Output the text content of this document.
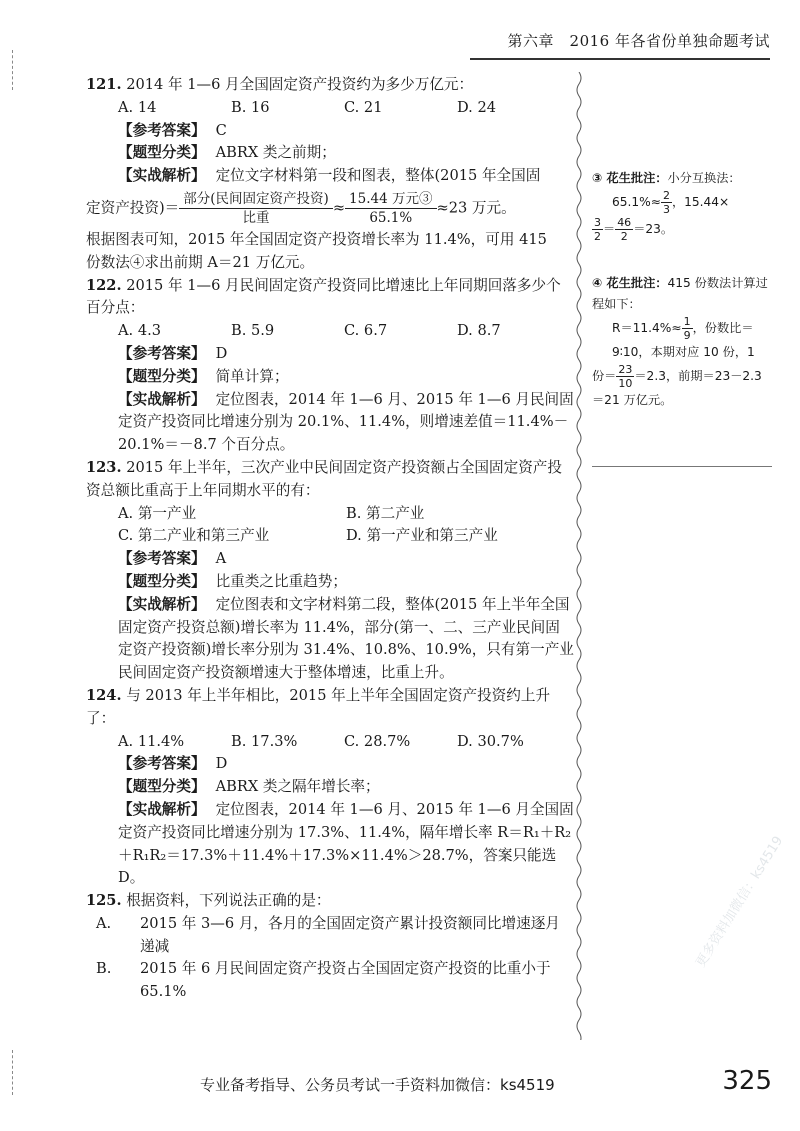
第六章　2016 年各省份单独命题考试

121. 2014 年 1—6 月全国固定资产投资约为多少万亿元：

A. 14	B. 16	C. 21	D. 24

【参考答案】 C

【题型分类】 ABRX 类之前期；

【实战解析】 定位文字材料第一段和图表，整体(2015 年全国固

定资产投资)＝ $\frac{\text{部分(民间固定资产投资)}}{\text{比重}} \approx \frac{\text{15.44 万元③}}{65.1\%} \approx 23$ 万元。

根据图表可知，2015 年全国固定资产投资增长率为 11.4%，可用 415

份数法④求出前期 A＝21 万亿元。

122. 2015 年 1—6 月民间固定资产投资同比增速比上年同期回落多少个百分点：

A. 4.3	B. 5.9	C. 6.7	D. 8.7

【参考答案】 D

【题型分类】 简单计算；

【实战解析】 定位图表，2014 年 1—6 月、2015 年 1—6 月民间固定资产投资同比增速分别为 20.1%、11.4%，则增速差值＝11.4%－20.1%＝－8.7 个百分点。

123. 2015 年上半年，三次产业中民间固定资产投资额占全国固定资产投资总额比重高于上年同期水平的有：

A. 第一产业	B. 第二产业
C. 第二产业和第三产业	D. 第一产业和第三产业

【参考答案】 A

【题型分类】 比重类之比重趋势；

【实战解析】 定位图表和文字材料第二段，整体(2015 年上半年全国固定资产投资总额)增长率为 11.4%，部分(第一、二、三产业民间固定资产投资额)增长率分别为 31.4%、10.8%、10.9%，只有第一产业民间固定资产投资额增速大于整体增速，比重上升。

124. 与 2013 年上半年相比，2015 年上半年全国固定资产投资约上升了：

A. 11.4%	B. 17.3%	C. 28.7%	D. 30.7%

【参考答案】 D

【题型分类】 ABRX 类之隔年增长率；

【实战解析】 定位图表，2014 年 1—6 月、2015 年 1—6 月全国固定资产投资同比增速分别为 17.3%、11.4%，隔年增长率 R＝R₁＋R₂＋R₁R₂＝17.3%＋11.4%＋17.3%×11.4%＞28.7%，答案只能选 D。

125. 根据资料，下列说法正确的是：

A. 2015 年 3—6 月，各月的全国固定资产累计投资额同比增速逐月递减

B. 2015 年 6 月民间固定资产投资占全国固定资产投资的比重小于 65.1%

③ 花生批注：小分互换法：

$65.1\%\approx \frac{2}{3}$ ，15.44×

$\frac{3}{2} = \frac{46}{2} =23$。

④ 花生批注：415 份数法计算过程如下：

$R=11.4\%\approx \frac{1}{9}$ ，份数比＝9∶10，本期对应 10 份，1

份＝ $\frac{23}{10} =2.3$，前期＝23－2.3＝21 万亿元。

更多资料加微信：ks4519
专业备考指导、公务员考试一手资料加微信：ks4519	325
